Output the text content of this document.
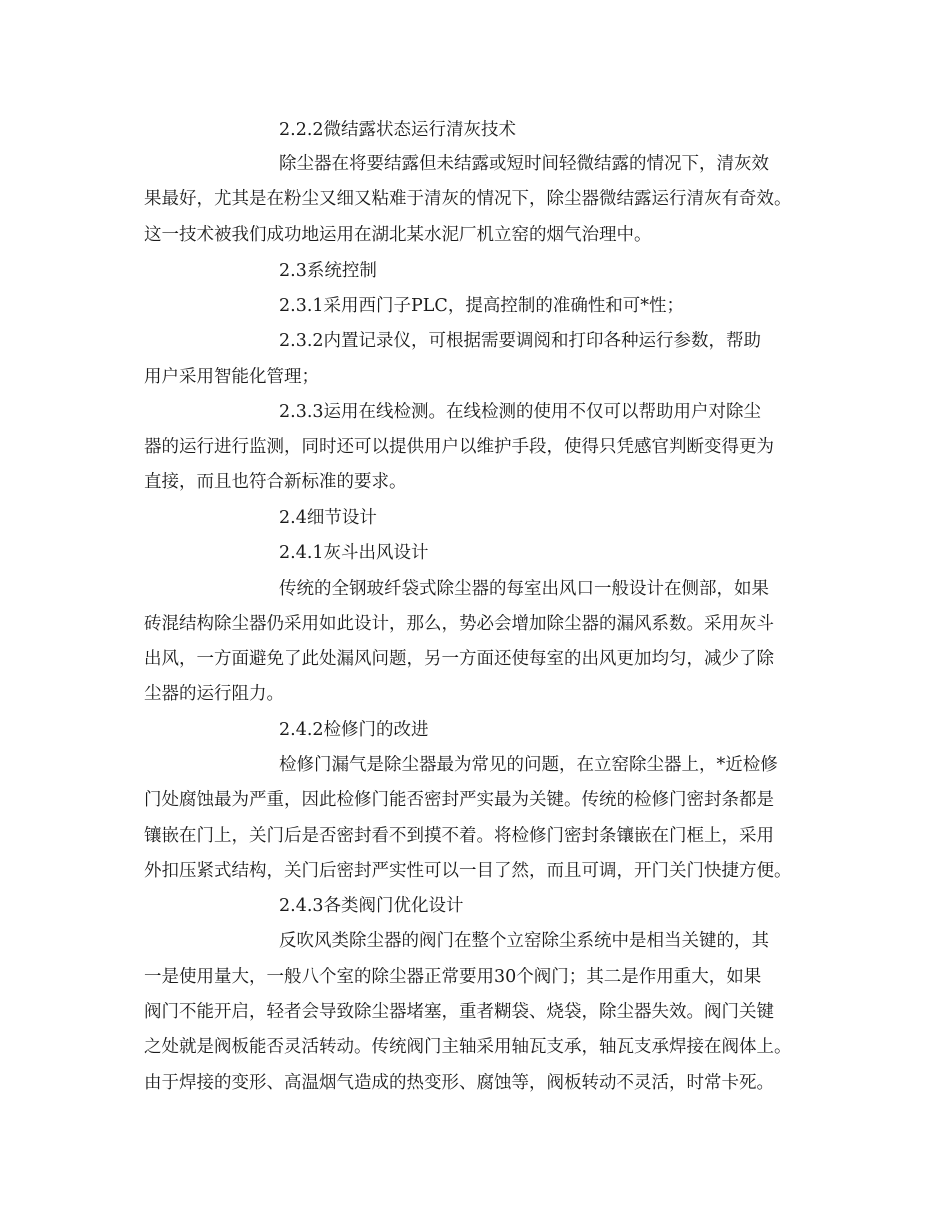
2.2.2微结露状态运行清灰技术
除尘器在将要结露但未结露或短时间轻微结露的情况下，清灰效
果最好，尤其是在粉尘又细又粘难于清灰的情况下，除尘器微结露运行清灰有奇效。
这一技术被我们成功地运用在湖北某水泥厂机立窑的烟气治理中。
2.3系统控制
2.3.1采用西门子PLC，提高控制的准确性和可*性；
2.3.2内置记录仪，可根据需要调阅和打印各种运行参数，帮助
用户采用智能化管理；
2.3.3运用在线检测。在线检测的使用不仅可以帮助用户对除尘
器的运行进行监测，同时还可以提供用户以维护手段，使得只凭感官判断变得更为
直接，而且也符合新标准的要求。
2.4细节设计
2.4.1灰斗出风设计
传统的全钢玻纤袋式除尘器的每室出风口一般设计在侧部，如果
砖混结构除尘器仍采用如此设计，那么，势必会增加除尘器的漏风系数。采用灰斗
出风，一方面避免了此处漏风问题，另一方面还使每室的出风更加均匀，减少了除
尘器的运行阻力。
2.4.2检修门的改进
检修门漏气是除尘器最为常见的问题，在立窑除尘器上，*近检修
门处腐蚀最为严重，因此检修门能否密封严实最为关键。传统的检修门密封条都是
镶嵌在门上，关门后是否密封看不到摸不着。将检修门密封条镶嵌在门框上，采用
外扣压紧式结构，关门后密封严实性可以一目了然，而且可调，开门关门快捷方便。
2.4.3各类阀门优化设计
反吹风类除尘器的阀门在整个立窑除尘系统中是相当关键的，其
一是使用量大，一般八个室的除尘器正常要用30个阀门；其二是作用重大，如果
阀门不能开启，轻者会导致除尘器堵塞，重者糊袋、烧袋，除尘器失效。阀门关键
之处就是阀板能否灵活转动。传统阀门主轴采用轴瓦支承，轴瓦支承焊接在阀体上。
由于焊接的变形、高温烟气造成的热变形、腐蚀等，阀板转动不灵活，时常卡死。
